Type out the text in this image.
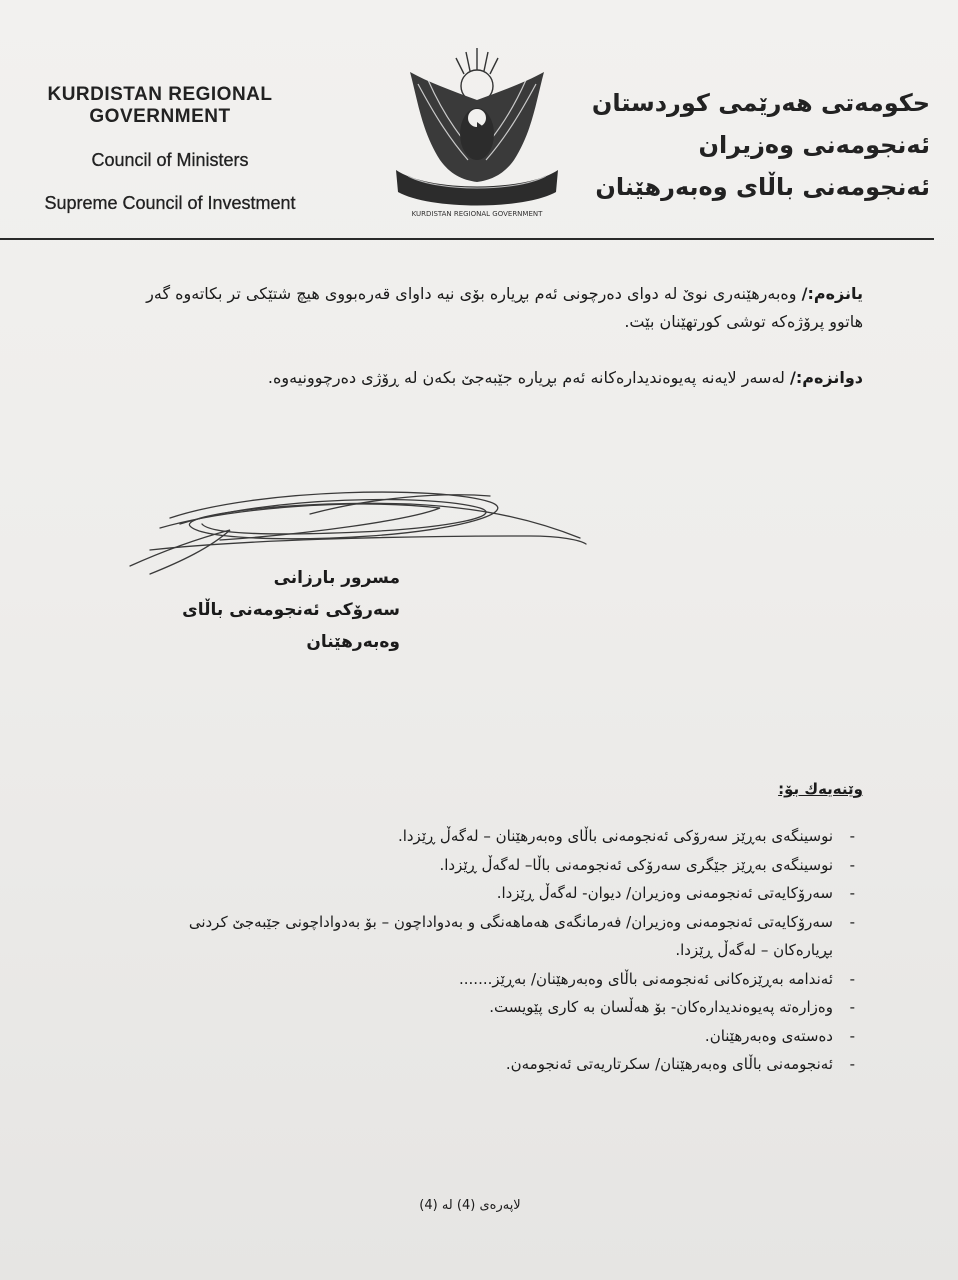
KURDISTAN REGIONAL GOVERNMENT
Council of Ministers
Supreme Council of Investment
KURDISTAN REGIONAL GOVERNMENT
حكومەتی هەرێمی كوردستان
ئەنجومەنی وەزیران
ئەنجومەنی باڵای وەبەرهێنان
یانزەم:/ وەبەرهێنەری نوێ لە دوای دەرچونی ئەم بڕیارە بۆی نیە داوای قەرەبووی هیچ شتێكی تر بكاتەوە گەر هاتوو پرۆژەكە توشی كورتهێنان بێت.
دوانزەم:/ لەسەر لایەنە پەیوەندیدارەكانە ئەم بڕیارە جێبەجێ بكەن لە ڕۆژی دەرچوونیەوە.
مسرور بارزانی
سەرۆكی ئەنجومەنی باڵای وەبەرهێنان
وێنەیەك بۆ:
- نوسینگەی بەڕێز سەرۆكی ئەنجومەنی باڵای وەبەرهێنان – لەگەڵ ڕێزدا.
- نوسینگەی بەڕێز جێگری سەرۆكی ئەنجومەنی باڵا– لەگەڵ ڕێزدا.
- سەرۆكایەتی ئەنجومەنی وەزیران/ دیوان- لەگەڵ ڕێزدا.
- سەرۆكایەتی ئەنجومەنی وەزیران/ فەرمانگەی هەماهەنگی و بەدواداچون – بۆ بەدواداچونی جێبەجێ كردنی بڕیارەكان – لەگەڵ ڕێزدا.
- ئەندامە بەڕێزەكانی ئەنجومەنی باڵای وەبەرهێنان/ بەڕێز.......
- وەزارەتە پەیوەندیدارەكان- بۆ هەڵسان بە كاری پێویست.
- دەستەی وەبەرهێنان.
- ئەنجومەنی باڵای وەبەرهێنان/ سكرتاریەتی ئەنجومەن.
لاپەرەی (4) لە (4)
